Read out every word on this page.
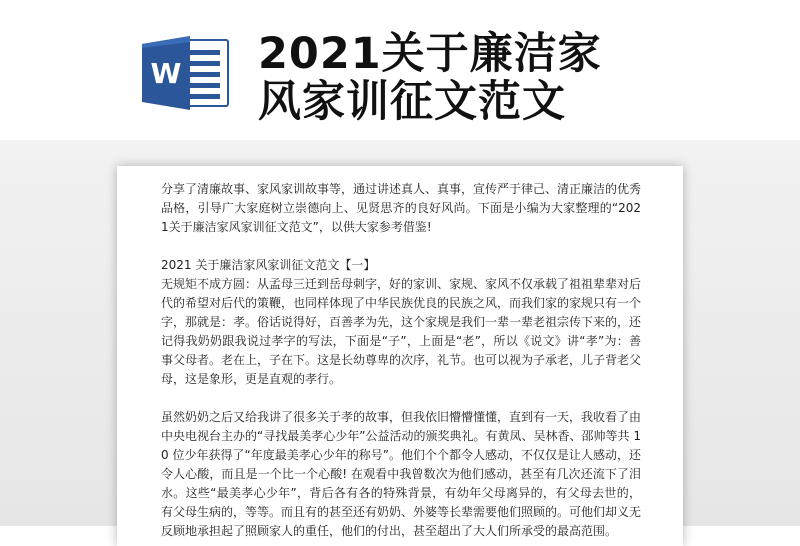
W 2021关于廉洁家
风家训征文范文

分享了清廉故事、家风家训故事等，通过讲述真人、真事，宣传严于律己、清正廉洁的优秀品格，引导广大家庭树立崇德向上、见贤思齐的良好风尚。下面是小编为大家整理的“2021关于廉洁家风家训征文范文”，以供大家参考借鉴!

2021 关于廉洁家风家训征文范文【一】

无规矩不成方圆：从孟母三迁到岳母刺字，好的家训、家规、家风不仅承载了祖祖辈辈对后代的希望对后代的策鞭，也同样体现了中华民族优良的民族之风，而我们家的家规只有一个字，那就是：孝。俗话说得好，百善孝为先，这个家规是我们一辈一辈老祖宗传下来的，还记得我奶奶跟我说过孝字的写法，下面是“子”，上面是“老”，所以《说文》讲“孝”为：善事父母者。老在上，子在下。这是长幼尊卑的次序，礼节。也可以视为子承老，儿子背老父母，这是象形，更是直观的孝行。

虽然奶奶之后又给我讲了很多关于孝的故事，但我依旧懵懵懂懂，直到有一天，我收看了由中央电视台主办的“寻找最美孝心少年”公益活动的颁奖典礼。有黄凤、吴林香、邵帅等共 10 位少年获得了“年度最美孝心少年的称号”。他们个个都令人感动，不仅仅是让人感动，还令人心酸，而且是一个比一个心酸! 在观看中我曾数次为他们感动，甚至有几次还流下了泪水。这些“最美孝心少年”，背后各有各的特殊背景，有幼年父母离异的，有父母去世的，有父母生病的，等等。而且有的甚至还有奶奶、外婆等长辈需要他们照顾的。可他们却义无反顾地承担起了照顾家人的重任，他们的付出，甚至超出了大人们所承受的最高范围。
